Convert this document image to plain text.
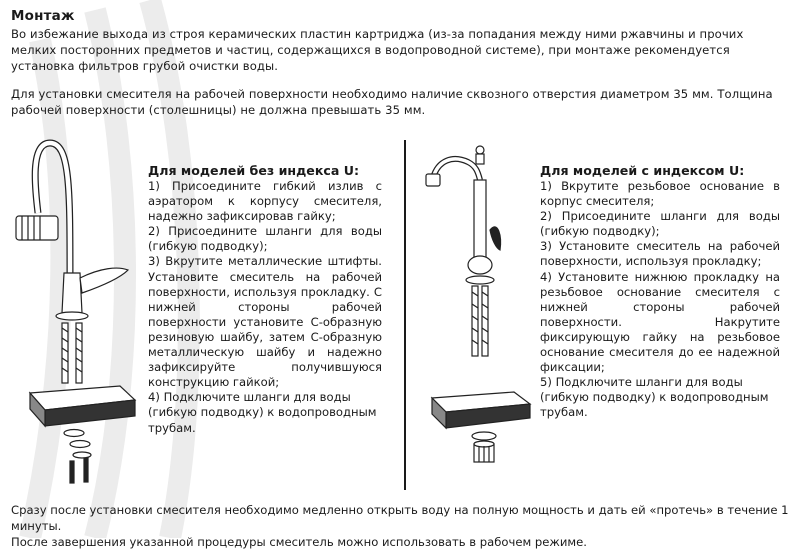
Монтаж
Во избежание выхода из строя керамических пластин картриджа (из-за попадания между ними ржавчины и прочих мелких посторонних предметов и частиц, содержащихся в водопроводной системе), при монтаже рекомендуется установка фильтров грубой очистки воды.
Для установки смесителя на рабочей поверхности необходимо наличие сквозного отверстия диаметром 35 мм. Толщина рабочей поверхности (столешницы) не должна превышать 35 мм.
Для моделей без индекса U:
1) Присоедините гибкий излив с аэратором к корпусу смесителя, надежно зафиксировав гайку;
2) Присоедините шланги для воды (гибкую подводку);
3) Вкрутите металлические штифты. Установите смеситель на рабочей поверхности, используя прокладку. С нижней стороны рабочей поверхности установите С-образную резиновую шайбу, затем С-образную металлическую шайбу и надежно зафиксируйте получившуюся конструкцию гайкой;
4) Подключите шланги для воды (гибкую подводку) к водопроводным трубам.
Для моделей с индексом U:
1) Вкрутите резьбовое основание в корпус смесителя;
2) Присоедините шланги для воды (гибкую подводку);
3) Установите смеситель на рабочей поверхности, используя прокладку;
4) Установите нижнюю прокладку на резьбовое основание смесителя с нижней стороны рабочей поверхности. Накрутите фиксирующую гайку на резьбовое основание смесителя до ее надежной фиксации;
5) Подключите шланги для воды (гибкую подводку) к водопроводным трубам.
Сразу после установки смесителя необходимо медленно открыть воду на полную мощность и дать ей «протечь» в течение 1 минуты.
После завершения указанной процедуры смеситель можно использовать в рабочем режиме.
